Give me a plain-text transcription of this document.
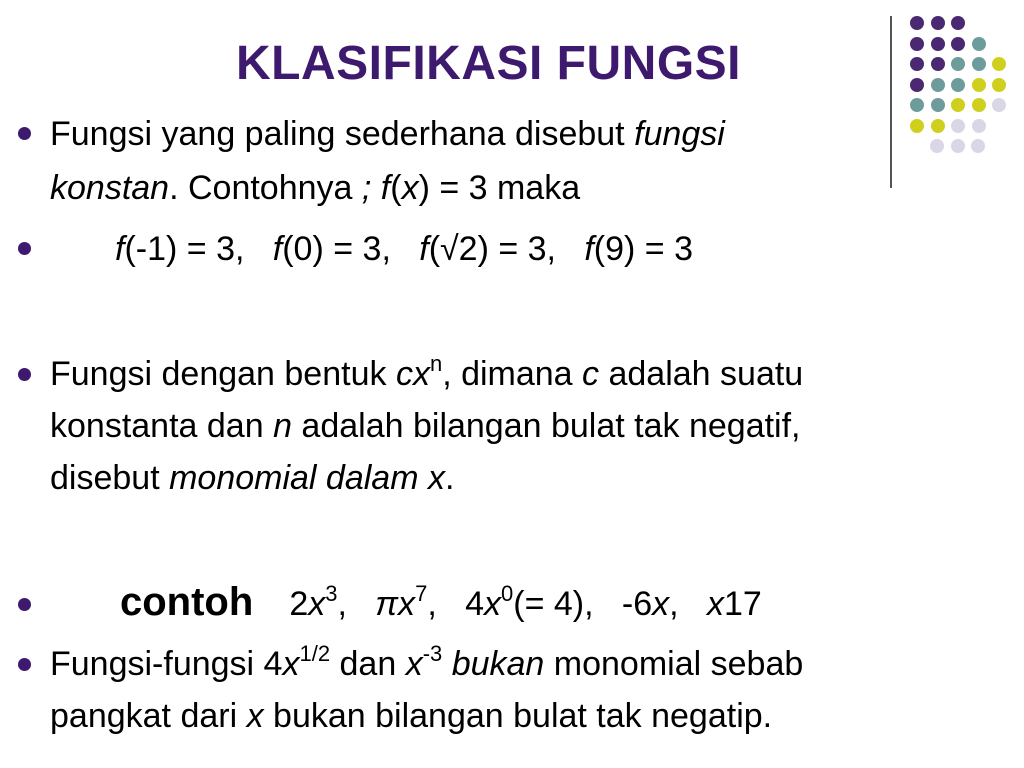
KLASIFIKASI FUNGSI
Fungsi yang paling sederhana disebut fungsi
konstan. Contohnya ; f(x) = 3 maka
f(-1) = 3,   f(0) = 3,   f(√2) = 3,   f(9) = 3
Fungsi dengan bentuk $cx^n$, dimana c adalah suatu
konstanta dan n adalah bilangan bulat tak negatif,
disebut monomial dalam x.
contoh $2x^3$,   $\pi x^7$,   $4x^0(= 4)$,   -6x,   x17
Fungsi-fungsi $4x^{1/2}$ dan $x^{-3}$ bukan monomial sebab
pangkat dari x bukan bilangan bulat tak negatip.
